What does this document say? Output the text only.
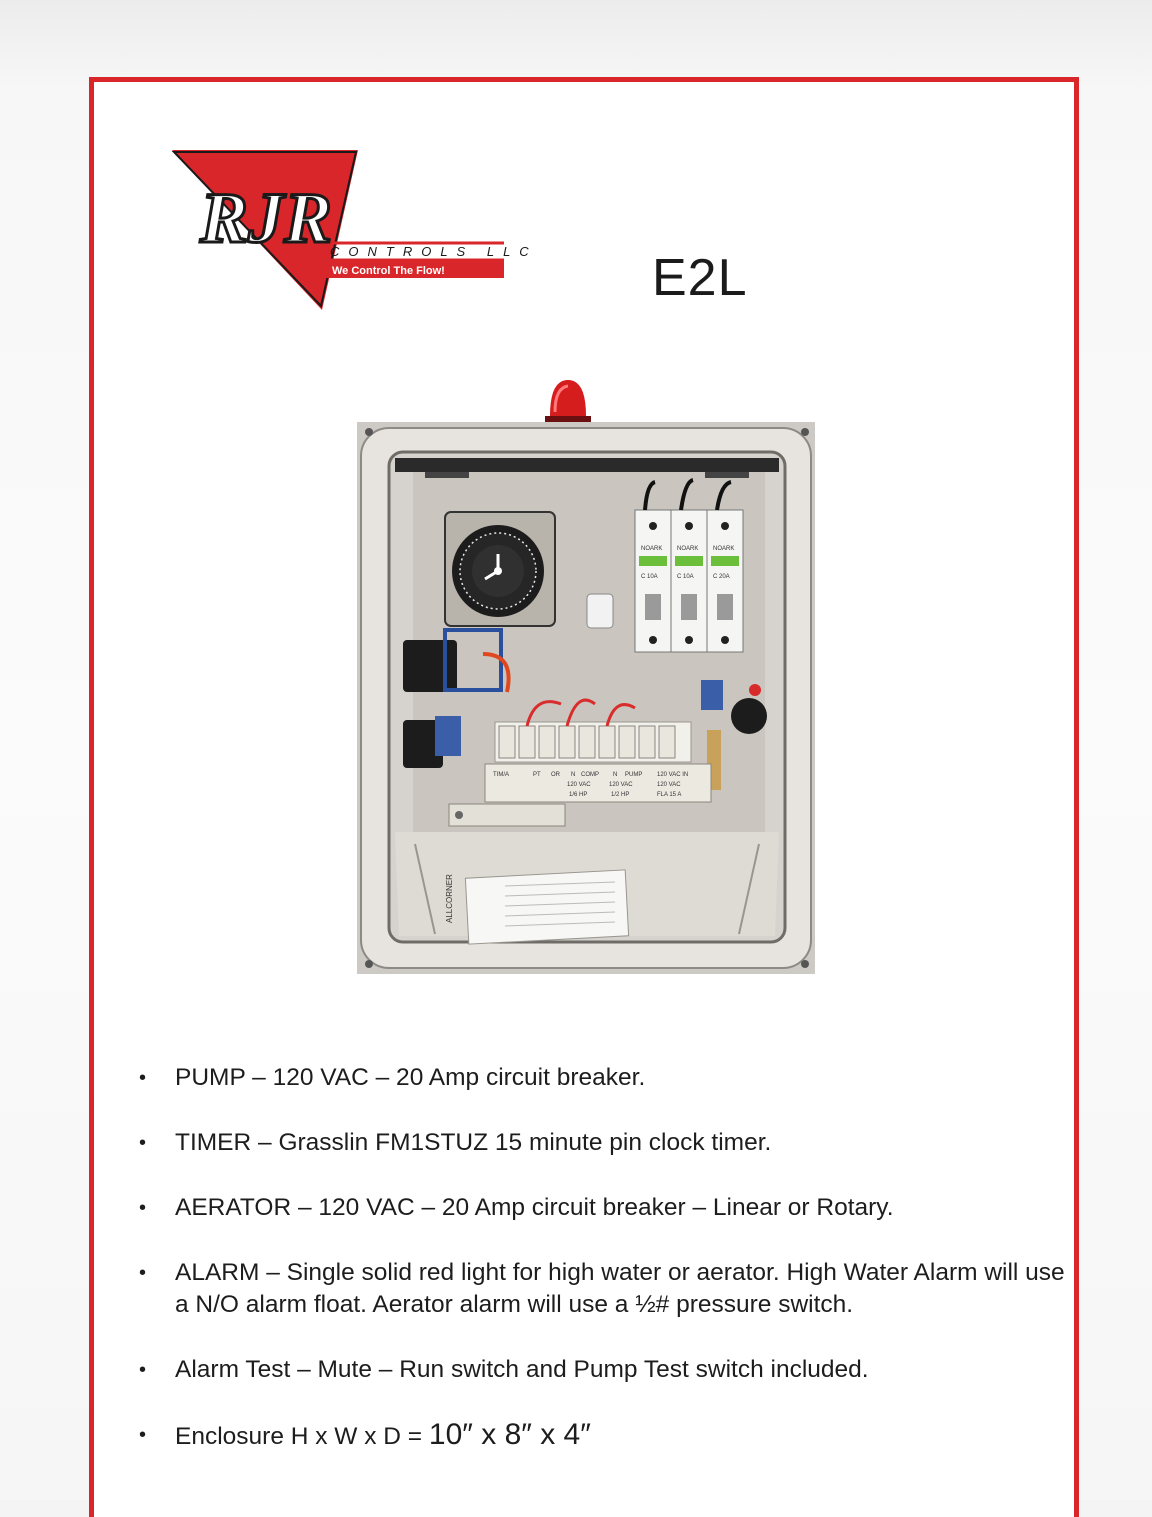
RJR
CONTROLS LLC
We Control The Flow!	E2L
NOARK NOARK NOARK
C 10A	C 10A	C 20A
TIM/A	PT OR N COMP N PUMP 120 VAC IN
120 VAC	120 VAC	120 VAC
1/6 HP	1/2 HP	FLA 15 A
ALLCORNER
• PUMP – 120 VAC – 20 Amp circuit breaker.
• TIMER – Grasslin FM1STUZ 15 minute pin clock timer.
• AERATOR – 120 VAC – 20 Amp circuit breaker – Linear or Rotary.
• ALARM – Single solid red light for high water or aerator. High Water Alarm will use a N/O alarm float. Aerator alarm will use a ½# pressure switch.
• Alarm Test – Mute – Run switch and Pump Test switch included.
• Enclosure H x W x D = 10″ x 8″ x 4″
